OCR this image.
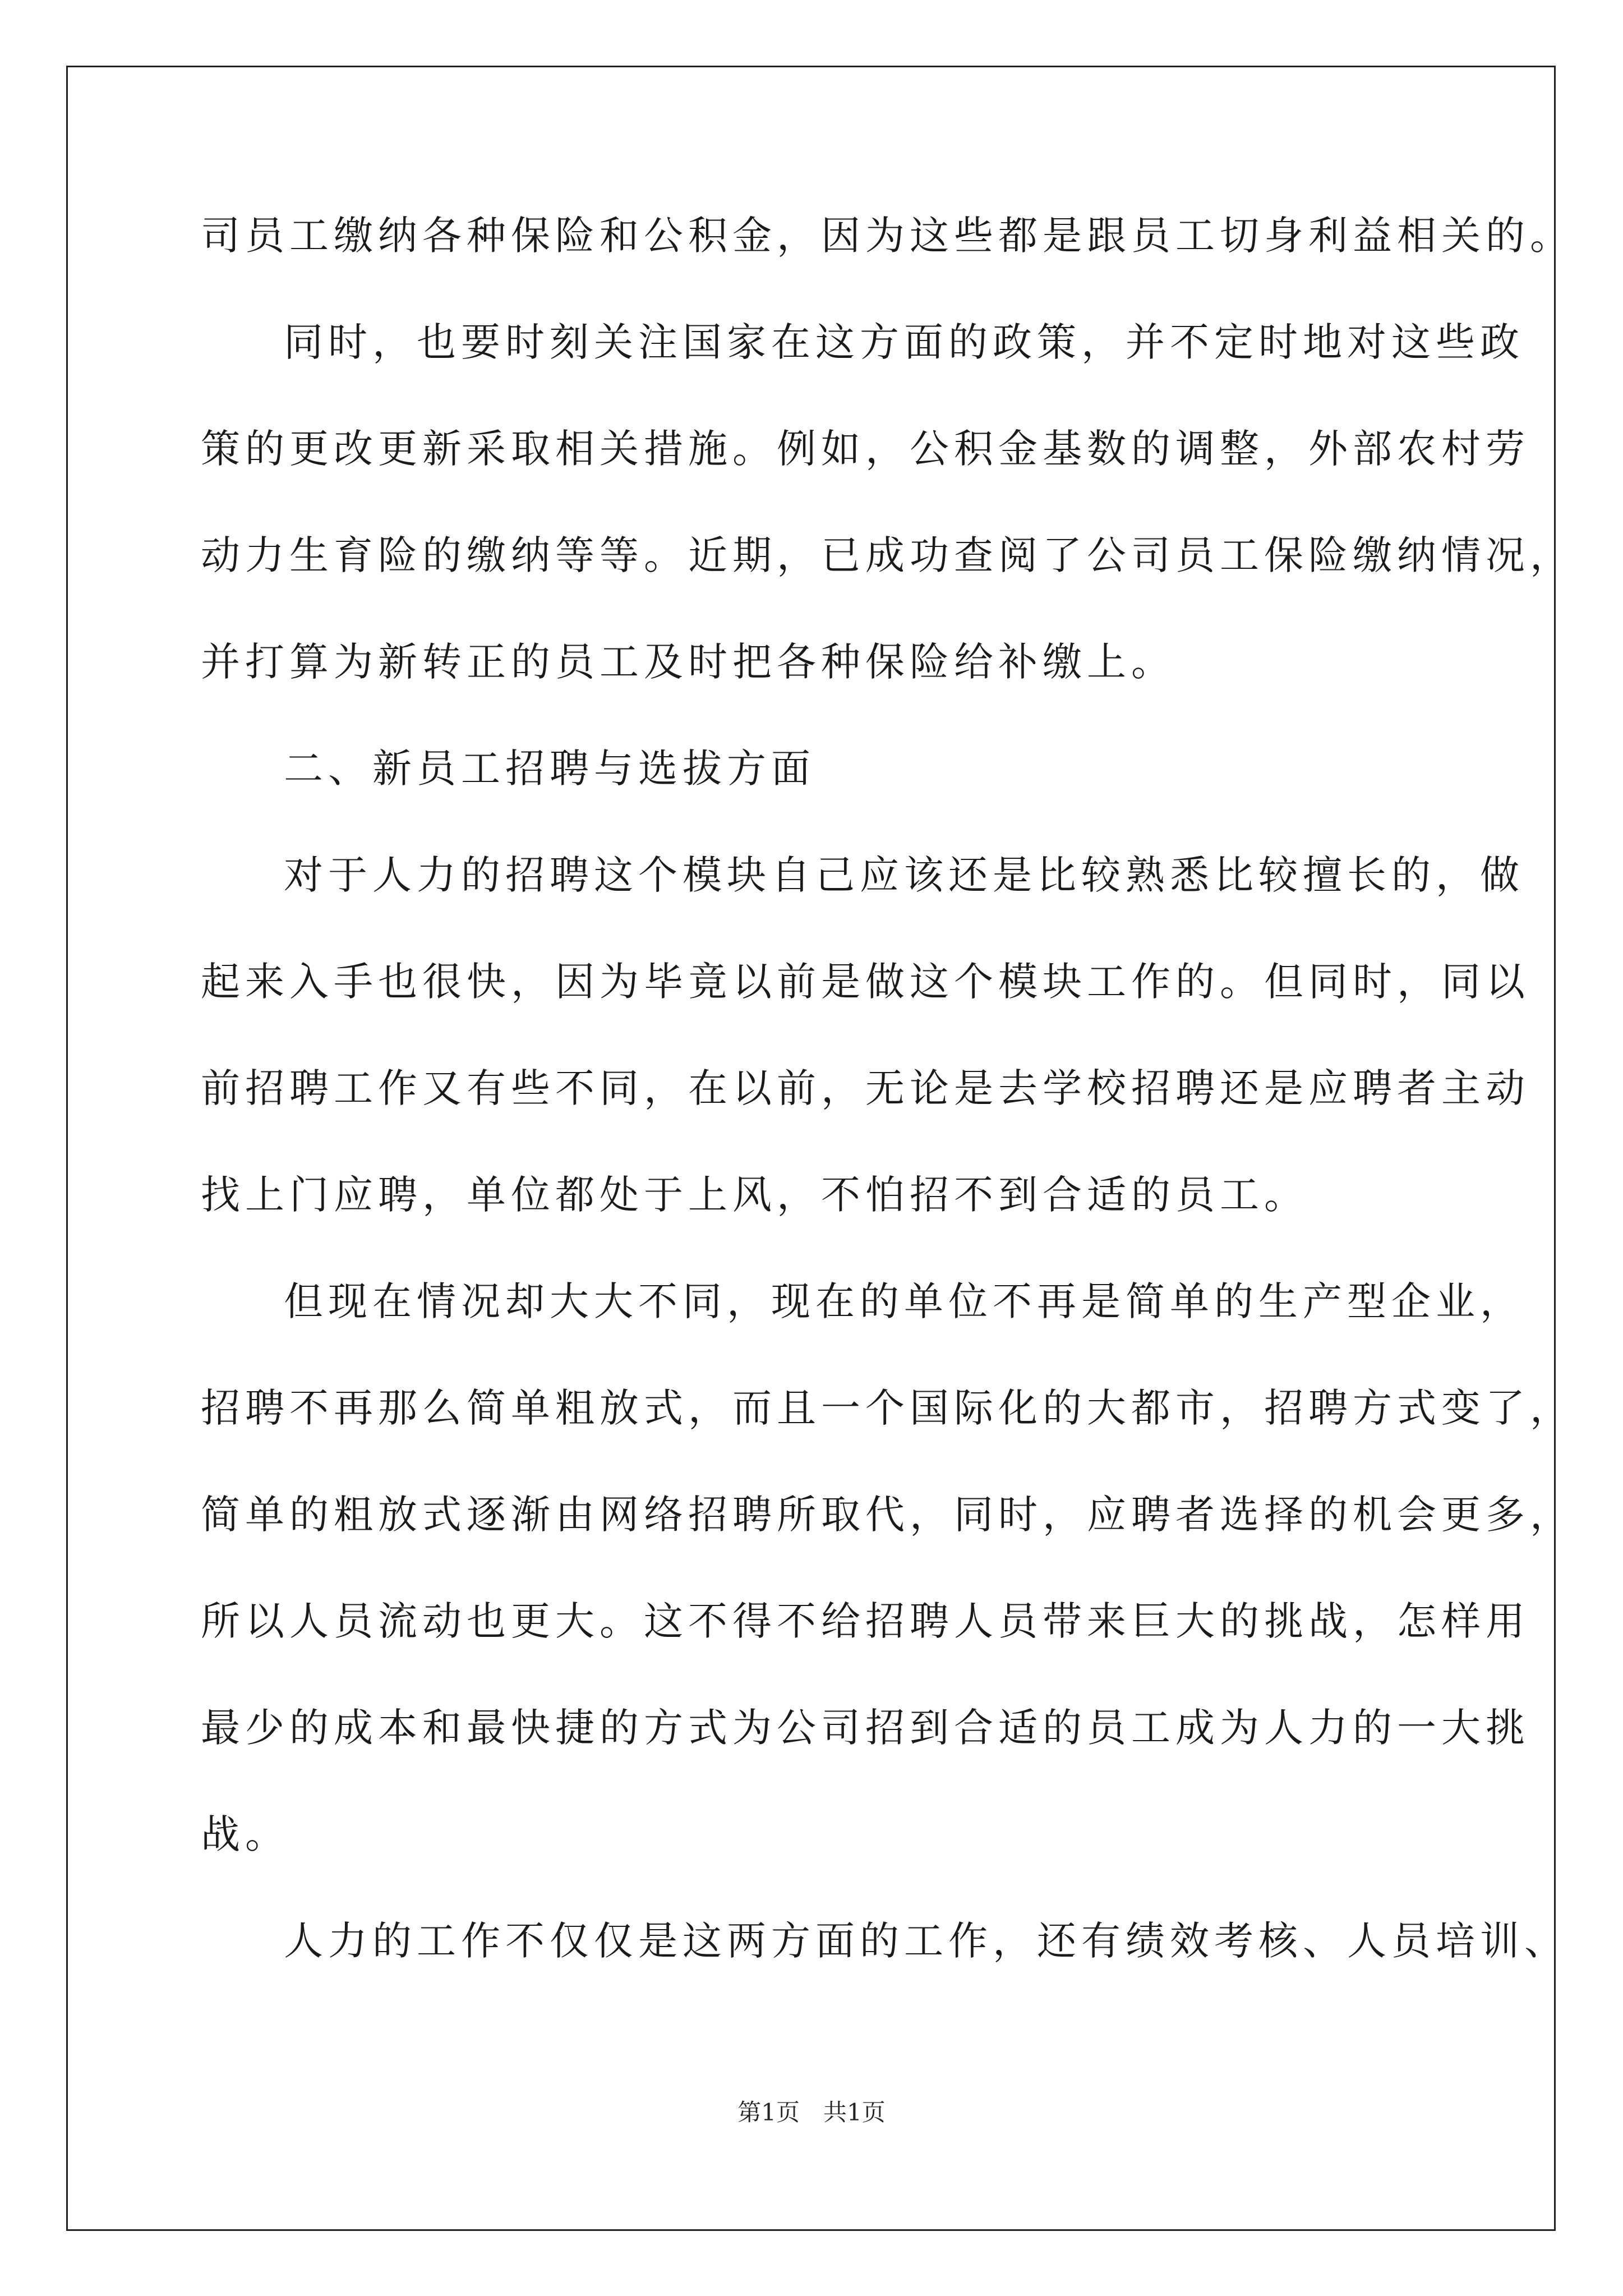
司员工缴纳各种保险和公积金，因为这些都是跟员工切身利益相关的。
同时，也要时刻关注国家在这方面的政策，并不定时地对这些政
策的更改更新采取相关措施。例如，公积金基数的调整，外部农村劳
动力生育险的缴纳等等。近期，已成功查阅了公司员工保险缴纳情况，
并打算为新转正的员工及时把各种保险给补缴上。
二、新员工招聘与选拔方面
对于人力的招聘这个模块自己应该还是比较熟悉比较擅长的，做
起来入手也很快，因为毕竟以前是做这个模块工作的。但同时，同以
前招聘工作又有些不同，在以前，无论是去学校招聘还是应聘者主动
找上门应聘，单位都处于上风，不怕招不到合适的员工。
但现在情况却大大不同，现在的单位不再是简单的生产型企业，
招聘不再那么简单粗放式，而且一个国际化的大都市，招聘方式变了，
简单的粗放式逐渐由网络招聘所取代，同时，应聘者选择的机会更多，
所以人员流动也更大。这不得不给招聘人员带来巨大的挑战，怎样用
最少的成本和最快捷的方式为公司招到合适的员工成为人力的一大挑
战。
人力的工作不仅仅是这两方面的工作，还有绩效考核、人员培训、
第1页　共1页
